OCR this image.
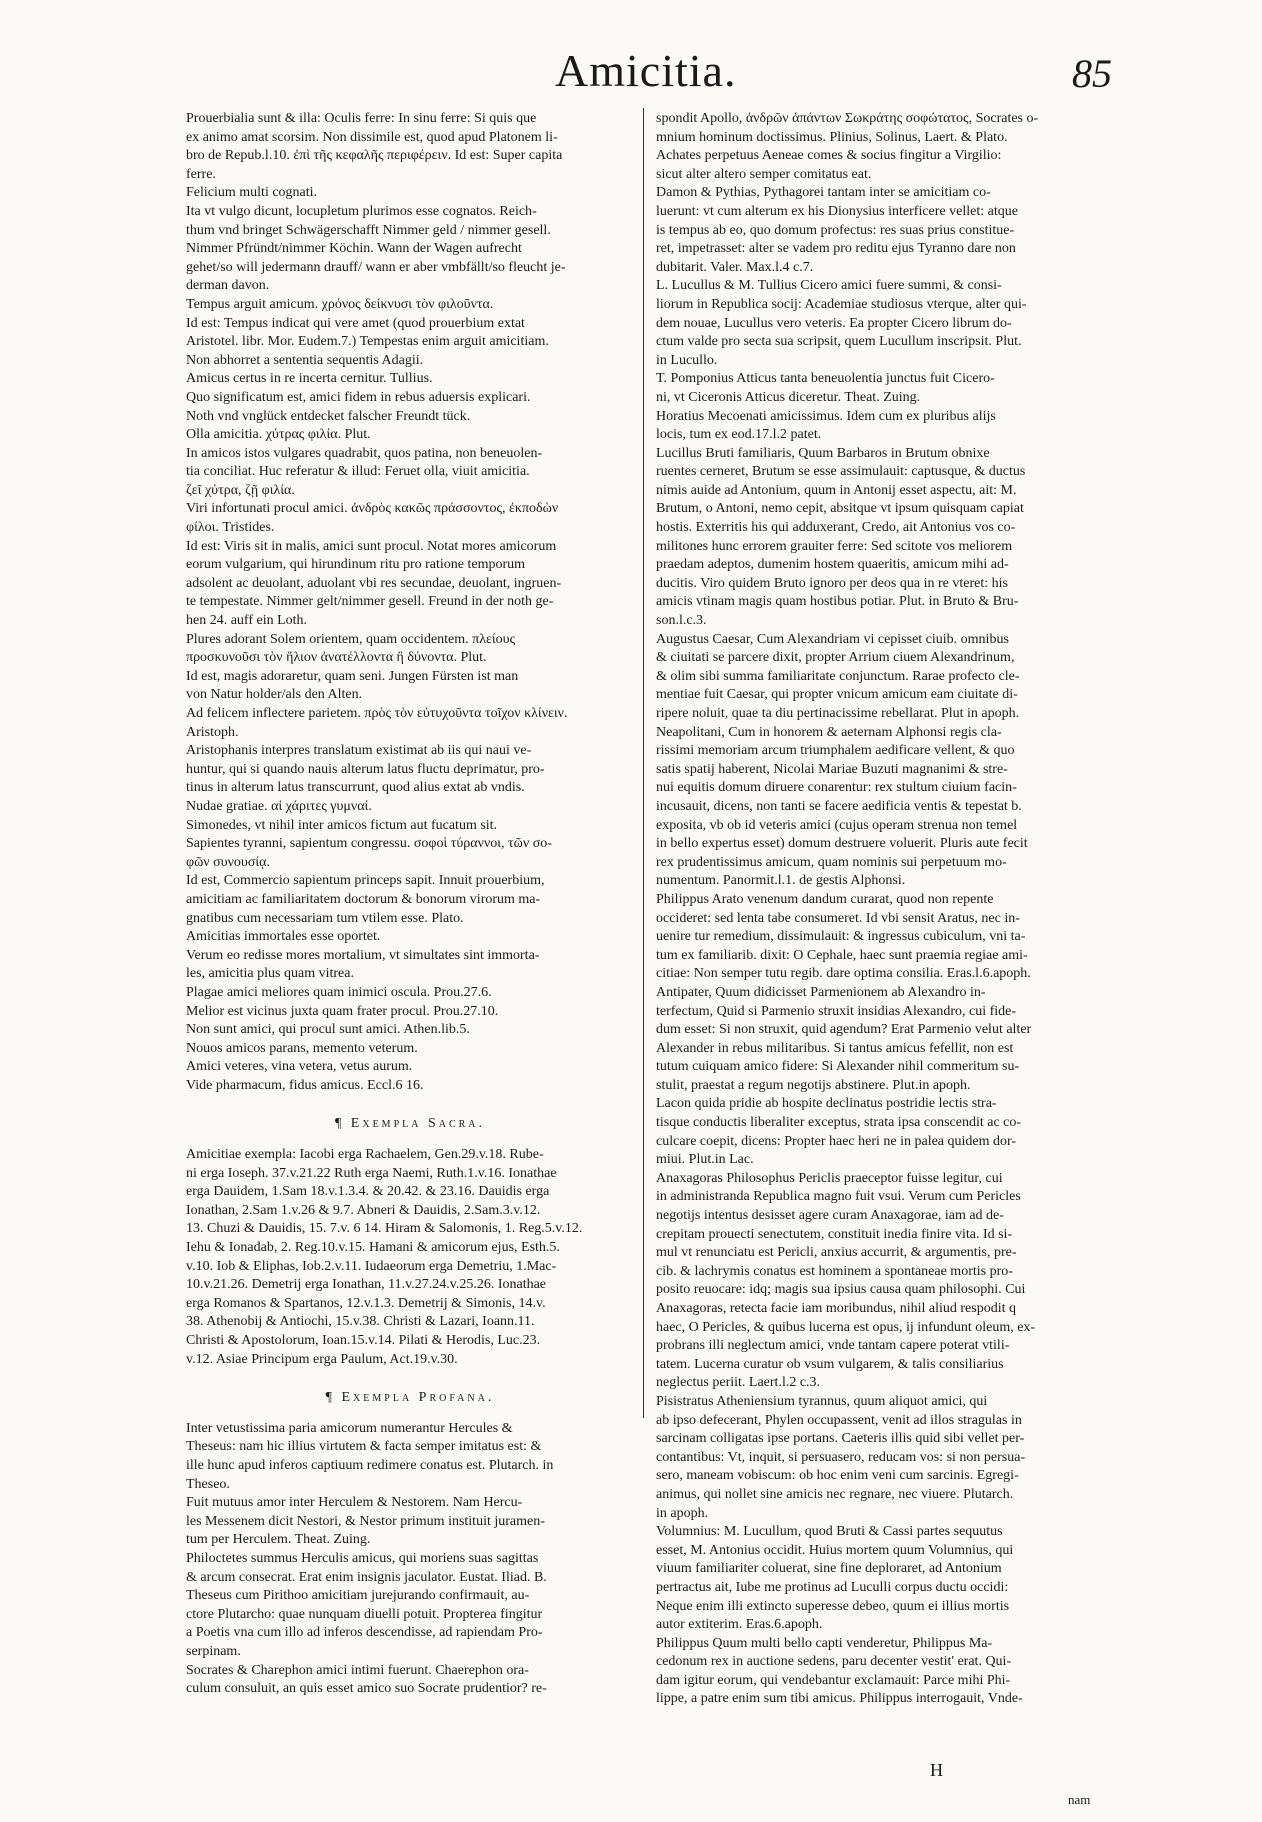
Amicitia.	85
Prouerbialia sunt & illa: Oculis ferre: In sinu ferre: Si quis que
ex animo amat scorsim. Non dissimile est, quod apud Platonem li-
bro de Repub.l.10. ἐπὶ τῆς κεφαλῆς περιφέρειν. Id est: Super capita
ferre.
Felicium multi cognati.
Ita vt vulgo dicunt, locupletum plurimos esse cognatos. Reich-
thum vnd bringet Schwägerschafft Nimmer geld / nimmer gesell.
Nimmer Pfründt/nimmer Köchin. Wann der Wagen aufrecht
gehet/so will jedermann drauff/ wann er aber vmbfällt/so fleucht je-
derman davon.
Tempus arguit amicum. χρόνος δείκνυσι τὸν φιλοῦντα.
Id est: Tempus indicat qui vere amet (quod prouerbium extat
Aristotel. libr. Mor. Eudem.7.) Tempestas enim arguit amicitiam.
Non abhorret a sententia sequentis Adagii.
Amicus certus in re incerta cernitur. Tullius.
Quo significatum est, amici fidem in rebus aduersis explicari.
Noth vnd vnglück entdecket falscher Freundt tück.
Olla amicitia. χύτρας φιλία. Plut.
In amicos istos vulgares quadrabit, quos patina, non beneuolen-
tia conciliat. Huc referatur & illud: Feruet olla, viuit amicitia.
ζεῖ χύτρα, ζῇ φιλία.
Viri infortunati procul amici. ἀνδρὸς κακῶς πράσσοντος, ἐκποδὼν
φίλοι. Tristides.
Id est: Viris sit in malis, amici sunt procul. Notat mores amicorum
eorum vulgarium, qui hirundinum ritu pro ratione temporum
adsolent ac deuolant, aduolant vbi res secundae, deuolant, ingruen-
te tempestate. Nimmer gelt/nimmer gesell. Freund in der noth ge-
hen 24. auff ein Loth.
Plures adorant Solem orientem, quam occidentem. πλείους
προσκυνοῦσι τὸν ἥλιον ἀνατέλλοντα ἢ δύνοντα. Plut.
Id est, magis adoraretur, quam seni. Jungen Fürsten ist man
von Natur holder/als den Alten.
Ad felicem inflectere parietem. πρὸς τὸν εὐτυχοῦντα τοῖχον κλίνειν.
Aristoph.
Aristophanis interpres translatum existimat ab iis qui naui ve-
huntur, qui si quando nauis alterum latus fluctu deprimatur, pro-
tinus in alterum latus transcurrunt, quod alius extat ab vndis.
Nudae gratiae. αἱ χάριτες γυμναί.
Simonedes, vt nihil inter amicos fictum aut fucatum sit.
Sapientes tyranni, sapientum congressu. σοφοὶ τύραννοι, τῶν σο-
φῶν συνουσίᾳ.
Id est, Commercio sapientum princeps sapit. Innuit prouerbium,
amicitiam ac familiaritatem doctorum & bonorum virorum ma-
gnatibus cum necessariam tum vtilem esse. Plato.
Amicitias immortales esse oportet.
Verum eo redisse mores mortalium, vt simultates sint immorta-
les, amicitia plus quam vitrea.
Plagae amici meliores quam inimici oscula. Prou.27.6.
Melior est vicinus juxta quam frater procul. Prou.27.10.
Non sunt amici, qui procul sunt amici. Athen.lib.5.
Nouos amicos parans, memento veterum.
Amici veteres, vina vetera, vetus aurum.
Vide pharmacum, fidus amicus. Eccl.6 16.
¶ Exempla Sacra.
Amicitiae exempla: Iacobi erga Rachaelem, Gen.29.v.18. Rube-
ni erga Ioseph. 37.v.21.22 Ruth erga Naemi, Ruth.1.v.16. Ionathae
erga Dauidem, 1.Sam 18.v.1.3.4. & 20.42. & 23.16. Dauidis erga
Ionathan, 2.Sam 1.v.26 & 9.7. Abneri & Dauidis, 2.Sam.3.v.12.
13. Chuzi & Dauidis, 15. 7.v. 6 14. Hiram & Salomonis, 1. Reg.5.v.12.
Iehu & Ionadab, 2. Reg.10.v.15. Hamani & amicorum ejus, Esth.5.
v.10. Iob & Eliphas, Iob.2.v.11. Iudaeorum erga Demetriu, 1.Mac-
10.v.21.26. Demetrij erga Ionathan, 11.v.27.24.v.25.26. Ionathae
erga Romanos & Spartanos, 12.v.1.3. Demetrij & Simonis, 14.v.
38. Athenobij & Antiochi, 15.v.38. Christi & Lazari, Ioann.11.
Christi & Apostolorum, Ioan.15.v.14. Pilati & Herodis, Luc.23.
v.12. Asiae Principum erga Paulum, Act.19.v.30.
¶ Exempla Profana.
Inter vetustissima paria amicorum numerantur Hercules &
Theseus: nam hic illius virtutem & facta semper imitatus est: &
ille hunc apud inferos captiuum redimere conatus est. Plutarch. in
Theseo.
Fuit mutuus amor inter Herculem & Nestorem. Nam Hercu-
les Messenem dicit Nestori, & Nestor primum instituit juramen-
tum per Herculem. Theat. Zuing.
Philoctetes summus Herculis amicus, qui moriens suas sagittas
& arcum consecrat. Erat enim insignis jaculator. Eustat. Iliad. B.
Theseus cum Pirithoo amicitiam jurejurando confirmauit, au-
ctore Plutarcho: quae nunquam diuelli potuit. Propterea fingitur
a Poetis vna cum illo ad inferos descendisse, ad rapiendam Pro-
serpinam.
Socrates & Charephon amici intimi fuerunt. Chaerephon ora-
culum consuluit, an quis esset amico suo Socrate prudentior? re-
spondit Apollo, ἀνδρῶν ἁπάντων Σωκράτης σοφώτατος, Socrates o-
mnium hominum doctissimus. Plinius, Solinus, Laert. & Plato.
Achates perpetuus Aeneae comes & socius fingitur a Virgilio:
sicut alter altero semper comitatus eat.
Damon & Pythias, Pythagorei tantam inter se amicitiam co-
luerunt: vt cum alterum ex his Dionysius interficere vellet: atque
is tempus ab eo, quo domum profectus: res suas prius constitue-
ret, impetrasset: alter se vadem pro reditu ejus Tyranno dare non
dubitarit. Valer. Max.l.4 c.7.
L. Lucullus & M. Tullius Cicero amici fuere summi, & consi-
liorum in Republica socij: Academiae studiosus vterque, alter qui-
dem nouae, Lucullus vero veteris. Ea propter Cicero librum do-
ctum valde pro secta sua scripsit, quem Lucullum inscripsit. Plut.
in Lucullo.
T. Pomponius Atticus tanta beneuolentia junctus fuit Cicero-
ni, vt Ciceronis Atticus diceretur. Theat. Zuing.
Horatius Mecoenati amicissimus. Idem cum ex pluribus alijs
locis, tum ex eod.17.l.2 patet.
Lucillus Bruti familiaris, Quum Barbaros in Brutum obnixe
ruentes cerneret, Brutum se esse assimulauit: captusque, & ductus
nimis auide ad Antonium, quum in Antonij esset aspectu, ait: M.
Brutum, o Antoni, nemo cepit, absitque vt ipsum quisquam capiat
hostis. Exterritis his qui adduxerant, Credo, ait Antonius vos co-
militones hunc errorem grauiter ferre: Sed scitote vos meliorem
praedam adeptos, dumenim hostem quaeritis, amicum mihi ad-
ducitis. Viro quidem Bruto ignoro per deos qua in re vteret: his
amicis vtinam magis quam hostibus potiar. Plut. in Bruto & Bru-
son.l.c.3.
Augustus Caesar, Cum Alexandriam vi cepisset ciuib. omnibus
& ciuitati se parcere dixit, propter Arrium ciuem Alexandrinum,
& olim sibi summa familiaritate conjunctum. Rarae profecto cle-
mentiae fuit Caesar, qui propter vnicum amicum eam ciuitate di-
ripere noluit, quae ta diu pertinacissime rebellarat. Plut in apoph.
Neapolitani, Cum in honorem & aeternam Alphonsi regis cla-
rissimi memoriam arcum triumphalem aedificare vellent, & quo
satis spatij haberent, Nicolai Mariae Buzuti magnanimi & stre-
nui equitis domum diruere conarentur: rex stultum ciuium facin-
incusauit, dicens, non tanti se facere aedificia ventis & tepestat b.
exposita, vb ob id veteris amici (cujus operam strenua non temel
in bello expertus esset) domum destruere voluerit. Pluris aute fecit
rex prudentissimus amicum, quam nominis sui perpetuum mo-
numentum. Panormit.l.1. de gestis Alphonsi.
Philippus Arato venenum dandum curarat, quod non repente
occideret: sed lenta tabe consumeret. Id vbi sensit Aratus, nec in-
uenire tur remedium, dissimulauit: & ingressus cubiculum, vni ta-
tum ex familiarib. dixit: O Cephale, haec sunt praemia regiae ami-
citiae: Non semper tutu regib. dare optima consilia. Eras.l.6.apoph.
Antipater, Quum didicisset Parmenionem ab Alexandro in-
terfectum, Quid si Parmenio struxit insidias Alexandro, cui fide-
dum esset: Si non struxit, quid agendum? Erat Parmenio velut alter
Alexander in rebus militaribus. Si tantus amicus fefellit, non est
tutum cuiquam amico fidere: Si Alexander nihil commeritum su-
stulit, praestat a regum negotijs abstinere. Plut.in apoph.
Lacon quida pridie ab hospite declinatus postridie lectis stra-
tisque conductis liberaliter exceptus, strata ipsa conscendit ac co-
culcare coepit, dicens: Propter haec heri ne in palea quidem dor-
miui. Plut.in Lac.
Anaxagoras Philosophus Periclis praeceptor fuisse legitur, cui
in administranda Republica magno fuit vsui. Verum cum Pericles
negotijs intentus desisset agere curam Anaxagorae, iam ad de-
crepitam prouecti senectutem, constituit inedia finire vita. Id si-
mul vt renunciatu est Pericli, anxius accurrit, & argumentis, pre-
cib. & lachrymis conatus est hominem a spontaneae mortis pro-
posito reuocare: idq; magis sua ipsius causa quam philosophi. Cui
Anaxagoras, retecta facie iam moribundus, nihil aliud respodit q
haec, O Pericles, & quibus lucerna est opus, ij infundunt oleum, ex-
probrans illi neglectum amici, vnde tantam capere poterat vtili-
tatem. Lucerna curatur ob vsum vulgarem, & talis consiliarius
neglectus periit. Laert.l.2 c.3.
Pisistratus Atheniensium tyrannus, quum aliquot amici, qui
ab ipso defecerant, Phylen occupassent, venit ad illos stragulas in
sarcinam colligatas ipse portans. Caeteris illis quid sibi vellet per-
contantibus: Vt, inquit, si persuasero, reducam vos: si non persua-
sero, maneam vobiscum: ob hoc enim veni cum sarcinis. Egregi-
animus, qui nollet sine amicis nec regnare, nec viuere. Plutarch.
in apoph.
Volumnius: M. Lucullum, quod Bruti & Cassi partes sequutus
esset, M. Antonius occidit. Huius mortem quum Volumnius, qui
viuum familiariter coluerat, sine fine deploraret, ad Antonium
pertractus ait, Iube me protinus ad Luculli corpus ductu occidi:
Neque enim illi extincto superesse debeo, quum ei illius mortis
autor extiterim. Eras.6.apoph.
Philippus Quum multi bello capti venderetur, Philippus Ma-
cedonum rex in auctione sedens, paru decenter vestit' erat. Qui-
dam igitur eorum, qui vendebantur exclamauit: Parce mihi Phi-
lippe, a patre enim sum tibi amicus. Philippus interrogauit, Vnde-
H
nam
